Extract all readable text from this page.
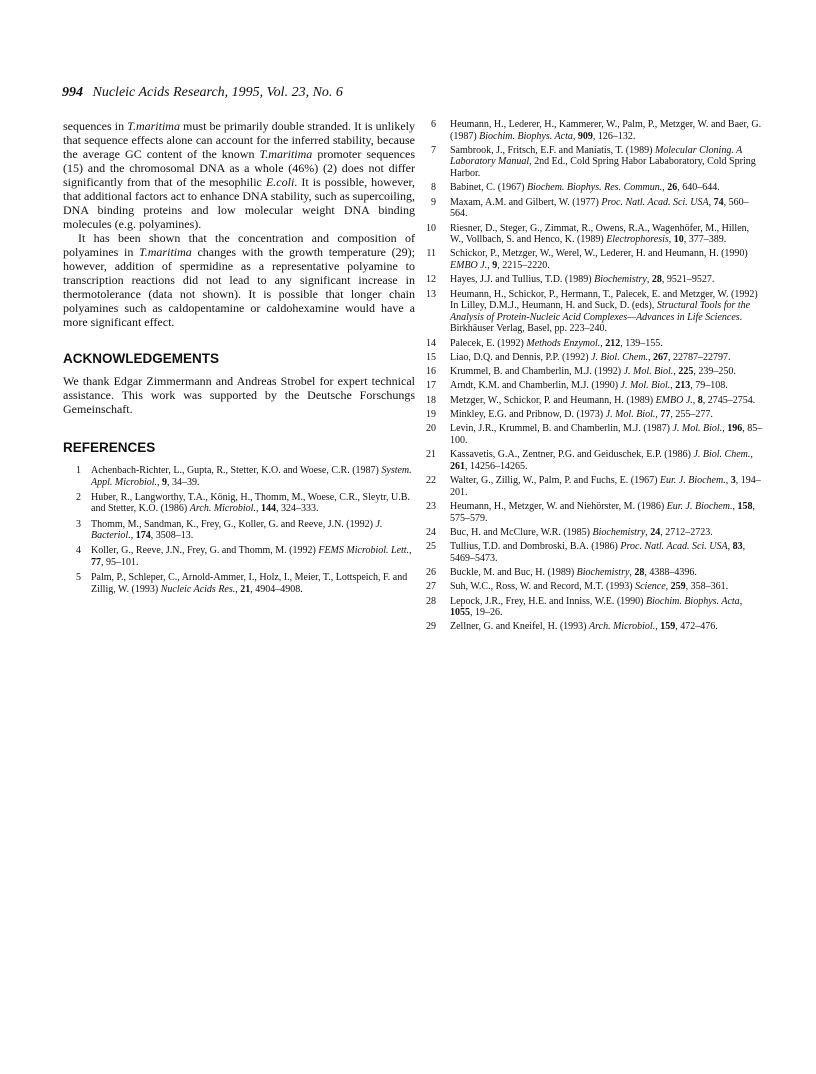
994 Nucleic Acids Research, 1995, Vol. 23, No. 6

sequences in T.maritima must be primarily double stranded. It is unlikely that sequence effects alone can account for the inferred stability, because the average GC content of the known T.maritima promoter sequences (15) and the chromosomal DNA as a whole (46%) (2) does not differ significantly from that of the mesophilic E.coli. It is possible, however, that additional factors act to enhance DNA stability, such as supercoiling, DNA binding proteins and low molecular weight DNA binding molecules (e.g. polyamines).

It has been shown that the concentration and composition of polyamines in T.maritima changes with the growth temperature (29); however, addition of spermidine as a representative polyamine to transcription reactions did not lead to any significant increase in thermotolerance (data not shown). It is possible that longer chain polyamines such as caldopentamine or caldohexamine would have a more significant effect.

ACKNOWLEDGEMENTS

We thank Edgar Zimmermann and Andreas Strobel for expert technical assistance. This work was supported by the Deutsche Forschungs Gemeinschaft.

REFERENCES
1	Achenbach-Richter, L., Gupta, R., Stetter, K.O. and Woese, C.R. (1987) System. Appl. Microbiol., 9, 34–39.
2	Huber, R., Langworthy, T.A., König, H., Thomm, M., Woese, C.R., Sleytr, U.B. and Stetter, K.O. (1986) Arch. Microbiol., 144, 324–333.
3	Thomm, M., Sandman, K., Frey, G., Koller, G. and Reeve, J.N. (1992) J. Bacteriol., 174, 3508–13.
4	Koller, G., Reeve, J.N., Frey, G. and Thomm, M. (1992) FEMS Microbiol. Lett., 77, 95–101.
5	Palm, P., Schleper, C., Arnold-Ammer, I., Holz, I., Meier, T., Lottspeich, F. and Zillig, W. (1993) Nucleic Acids Res., 21, 4904–4908.
6	Heumann, H., Lederer, H., Kammerer, W., Palm, P., Metzger, W. and Baer, G. (1987) Biochim. Biophys. Acta, 909, 126–132.
7	Sambrook, J., Fritsch, E.F. and Maniatis, T. (1989) Molecular Cloning. A Laboratory Manual, 2nd Ed., Cold Spring Habor Lababoratory, Cold Spring Harbor.
8	Babinet, C. (1967) Biochem. Biophys. Res. Commun., 26, 640–644.
9	Maxam, A.M. and Gilbert, W. (1977) Proc. Natl. Acad. Sci. USA, 74, 560–564.
10	Riesner, D., Steger, G., Zimmat, R., Owens, R.A., Wagenhöfer, M., Hillen, W., Vollbach, S. and Henco, K. (1989) Electrophoresis, 10, 377–389.
11	Schickor, P., Metzger, W., Werel, W., Lederer, H. and Heumann, H. (1990) EMBO J., 9, 2215–2220.
12	Hayes, J.J. and Tullius, T.D. (1989) Biochemistry, 28, 9521–9527.
13	Heumann, H., Schickor, P., Hermann, T., Palecek, E. and Metzger, W. (1992) In Lilley, D.M.J., Heumann, H. and Suck, D. (eds), Structural Tools for the Analysis of Protein-Nucleic Acid Complexes—Advances in Life Sciences. Birkhäuser Verlag, Basel, pp. 223–240.
14	Palecek, E. (1992) Methods Enzymol., 212, 139–155.
15	Liao, D.Q. and Dennis, P.P. (1992) J. Biol. Chem., 267, 22787–22797.
16	Krummel, B. and Chamberlin, M.J. (1992) J. Mol. Biol., 225, 239–250.
17	Arndt, K.M. and Chamberlin, M.J. (1990) J. Mol. Biol., 213, 79–108.
18	Metzger, W., Schickor, P. and Heumann, H. (1989) EMBO J., 8, 2745–2754.
19	Minkley, E.G. and Pribnow, D. (1973) J. Mol. Biol., 77, 255–277.
20	Levin, J.R., Krummel, B. and Chamberlin, M.J. (1987) J. Mol. Biol., 196, 85–100.
21	Kassavetis, G.A., Zentner, P.G. and Geiduschek, E.P. (1986) J. Biol. Chem., 261, 14256–14265.
22	Walter, G., Zillig, W., Palm, P. and Fuchs, E. (1967) Eur. J. Biochem., 3, 194–201.
23	Heumann, H., Metzger, W. and Niehörster, M. (1986) Eur. J. Biochem., 158, 575–579.
24	Buc, H. and McClure, W.R. (1985) Biochemistry, 24, 2712–2723.
25	Tullius, T.D. and Dombroski, B.A. (1986) Proc. Natl. Acad. Sci. USA, 83, 5469–5473.
26	Buckle, M. and Buc, H. (1989) Biochemistry, 28, 4388–4396.
27	Suh, W.C., Ross, W. and Record, M.T. (1993) Science, 259, 358–361.
28	Lepock, J.R., Frey, H.E. and Inniss, W.E. (1990) Biochim. Biophys. Acta, 1055, 19–26.
29	Zellner, G. and Kneifel, H. (1993) Arch. Microbiol., 159, 472–476.
